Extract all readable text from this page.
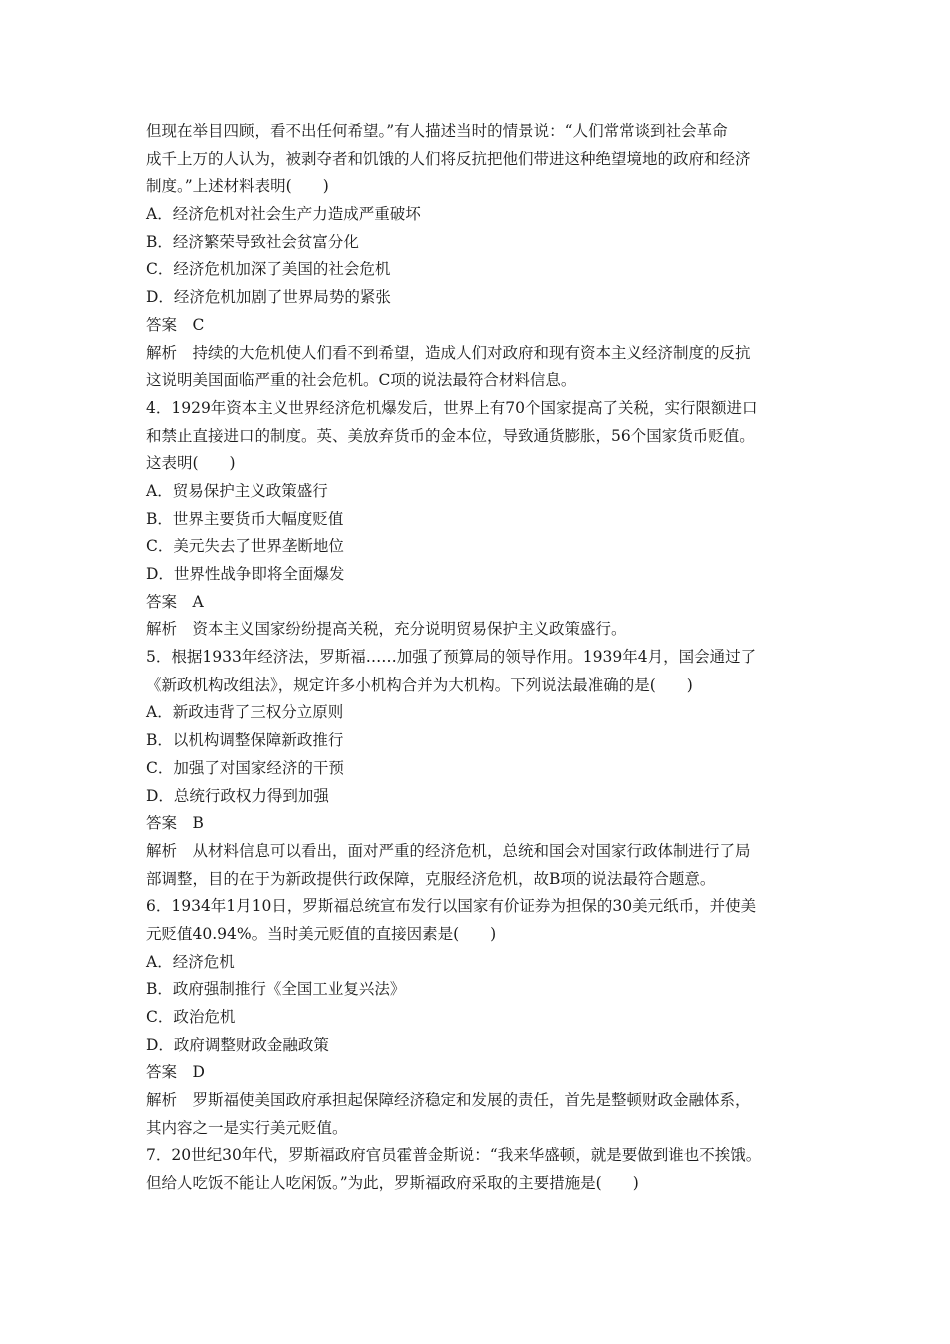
但现在举目四顾，看不出任何希望。”有人描述当时的情景说：“人们常常谈到社会革命
成千上万的人认为，被剥夺者和饥饿的人们将反抗把他们带进这种绝望境地的政府和经济
制度。”上述材料表明(　　)
A．经济危机对社会生产力造成严重破坏
B．经济繁荣导致社会贫富分化
C．经济危机加深了美国的社会危机
D．经济危机加剧了世界局势的紧张
答案　C
解析　持续的大危机使人们看不到希望，造成人们对政府和现有资本主义经济制度的反抗
这说明美国面临严重的社会危机。C项的说法最符合材料信息。
4．1929年资本主义世界经济危机爆发后，世界上有70个国家提高了关税，实行限额进口
和禁止直接进口的制度。英、美放弃货币的金本位，导致通货膨胀，56个国家货币贬值。
这表明(　　)
A．贸易保护主义政策盛行
B．世界主要货币大幅度贬值
C．美元失去了世界垄断地位
D．世界性战争即将全面爆发
答案　A
解析　资本主义国家纷纷提高关税，充分说明贸易保护主义政策盛行。
5．根据1933年经济法，罗斯福……加强了预算局的领导作用。1939年4月，国会通过了
《新政机构改组法》，规定许多小机构合并为大机构。下列说法最准确的是(　　)
A．新政违背了三权分立原则
B．以机构调整保障新政推行
C．加强了对国家经济的干预
D．总统行政权力得到加强
答案　B
解析　从材料信息可以看出，面对严重的经济危机，总统和国会对国家行政体制进行了局
部调整，目的在于为新政提供行政保障，克服经济危机，故B项的说法最符合题意。
6．1934年1月10日，罗斯福总统宣布发行以国家有价证券为担保的30美元纸币，并使美
元贬值40.94%。当时美元贬值的直接因素是(　　)
A．经济危机
B．政府强制推行《全国工业复兴法》
C．政治危机
D．政府调整财政金融政策
答案　D
解析　罗斯福使美国政府承担起保障经济稳定和发展的责任，首先是整顿财政金融体系，
其内容之一是实行美元贬值。
7．20世纪30年代，罗斯福政府官员霍普金斯说：“我来华盛顿，就是要做到谁也不挨饿。
但给人吃饭不能让人吃闲饭。”为此，罗斯福政府采取的主要措施是(　　)
